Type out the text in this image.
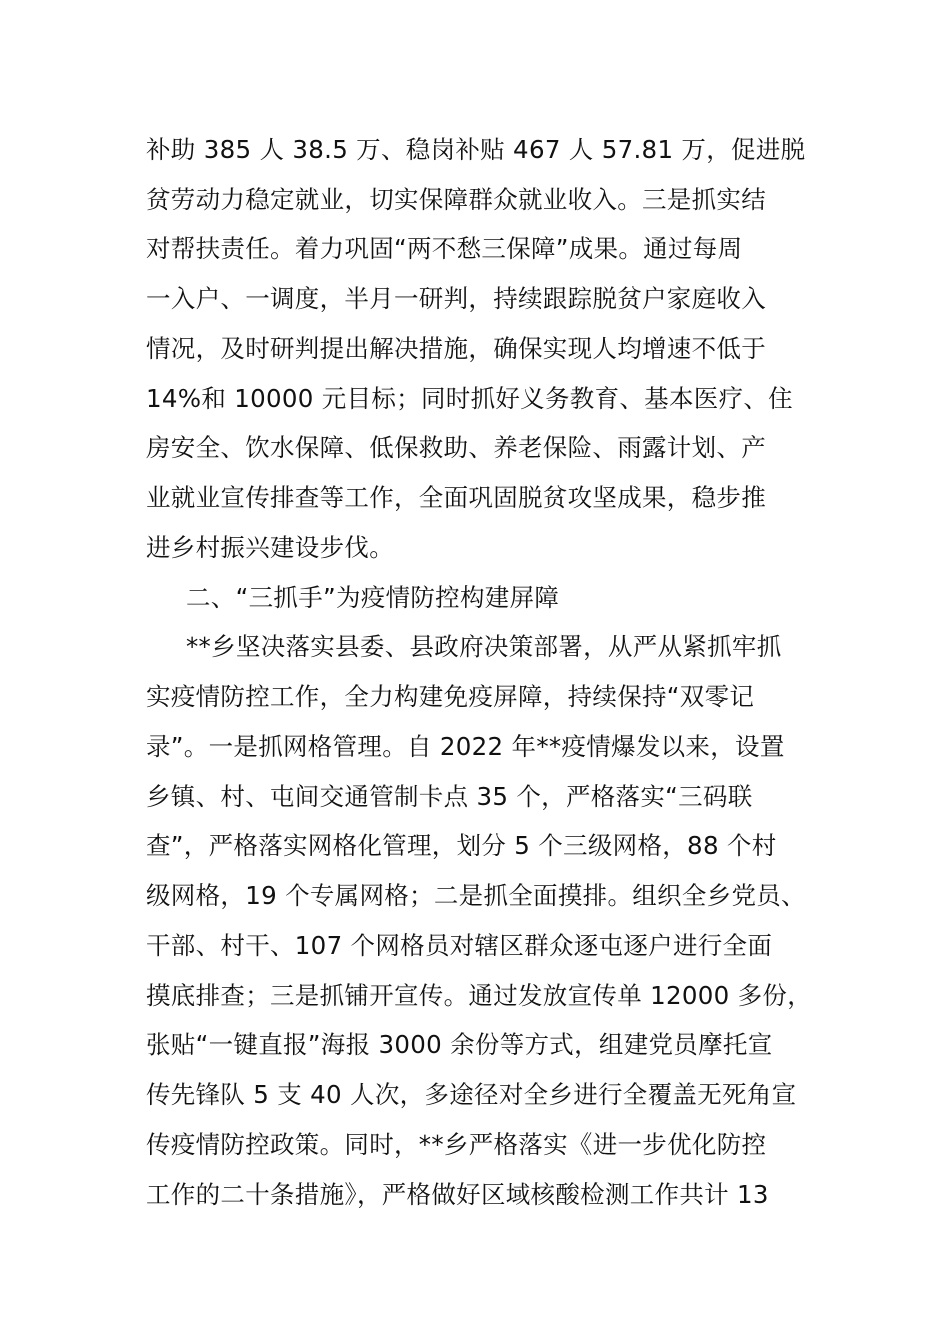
补助 385 人 38.5 万、稳岗补贴 467 人 57.81 万，促进脱
贫劳动力稳定就业，切实保障群众就业收入。三是抓实结
对帮扶责任。着力巩固“两不愁三保障”成果。通过每周
一入户、一调度，半月一研判，持续跟踪脱贫户家庭收入
情况，及时研判提出解决措施，确保实现人均增速不低于
14%和 10000 元目标；同时抓好义务教育、基本医疗、住
房安全、饮水保障、低保救助、养老保险、雨露计划、产
业就业宣传排查等工作，全面巩固脱贫攻坚成果，稳步推
进乡村振兴建设步伐。
二、“三抓手”为疫情防控构建屏障
**乡坚决落实县委、县政府决策部署，从严从紧抓牢抓
实疫情防控工作，全力构建免疫屏障，持续保持“双零记
录”。一是抓网格管理。自 2022 年**疫情爆发以来，设置
乡镇、村、屯间交通管制卡点 35 个，严格落实“三码联
查”，严格落实网格化管理，划分 5 个三级网格，88 个村
级网格，19 个专属网格；二是抓全面摸排。组织全乡党员、
干部、村干、107 个网格员对辖区群众逐屯逐户进行全面
摸底排查；三是抓铺开宣传。通过发放宣传单 12000 多份，
张贴“一键直报”海报 3000 余份等方式，组建党员摩托宣
传先锋队 5 支 40 人次，多途径对全乡进行全覆盖无死角宣
传疫情防控政策。同时，**乡严格落实《进一步优化防控
工作的二十条措施》，严格做好区域核酸检测工作共计 13
